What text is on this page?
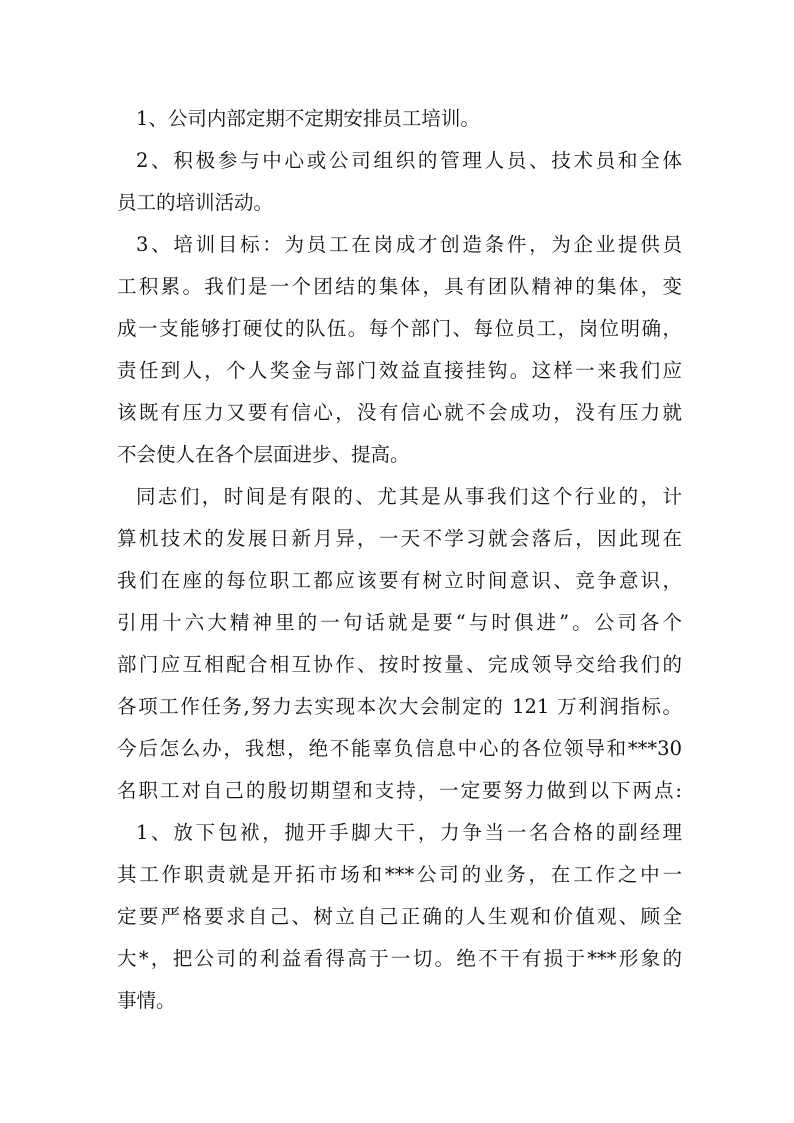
1、公司内部定期不定期安排员工培训。
2、积极参与中心或公司组织的管理人员、技术员和全体
员工的培训活动。
3、培训目标：为员工在岗成才创造条件，为企业提供员
工积累。我们是一个团结的集体，具有团队精神的集体，变
成一支能够打硬仗的队伍。每个部门、每位员工，岗位明确，
责任到人，个人奖金与部门效益直接挂钩。这样一来我们应
该既有压力又要有信心，没有信心就不会成功，没有压力就
不会使人在各个层面进步、提高。
同志们，时间是有限的、尤其是从事我们这个行业的，计
算机技术的发展日新月异，一天不学习就会落后，因此现在
我们在座的每位职工都应该要有树立时间意识、竞争意识，
引用十六大精神里的一句话就是要“与时俱进”。公司各个
部门应互相配合相互协作、按时按量、完成领导交给我们的
各项工作任务,努力去实现本次大会制定的 121 万利润指标。
今后怎么办，我想，绝不能辜负信息中心的各位领导和***30
名职工对自己的殷切期望和支持，一定要努力做到以下两点:
1、放下包袱，抛开手脚大干，力争当一名合格的副经理
其工作职责就是开拓市场和***公司的业务，在工作之中一
定要严格要求自己、树立自己正确的人生观和价值观、顾全
大*，把公司的利益看得高于一切。绝不干有损于***形象的
事情。
